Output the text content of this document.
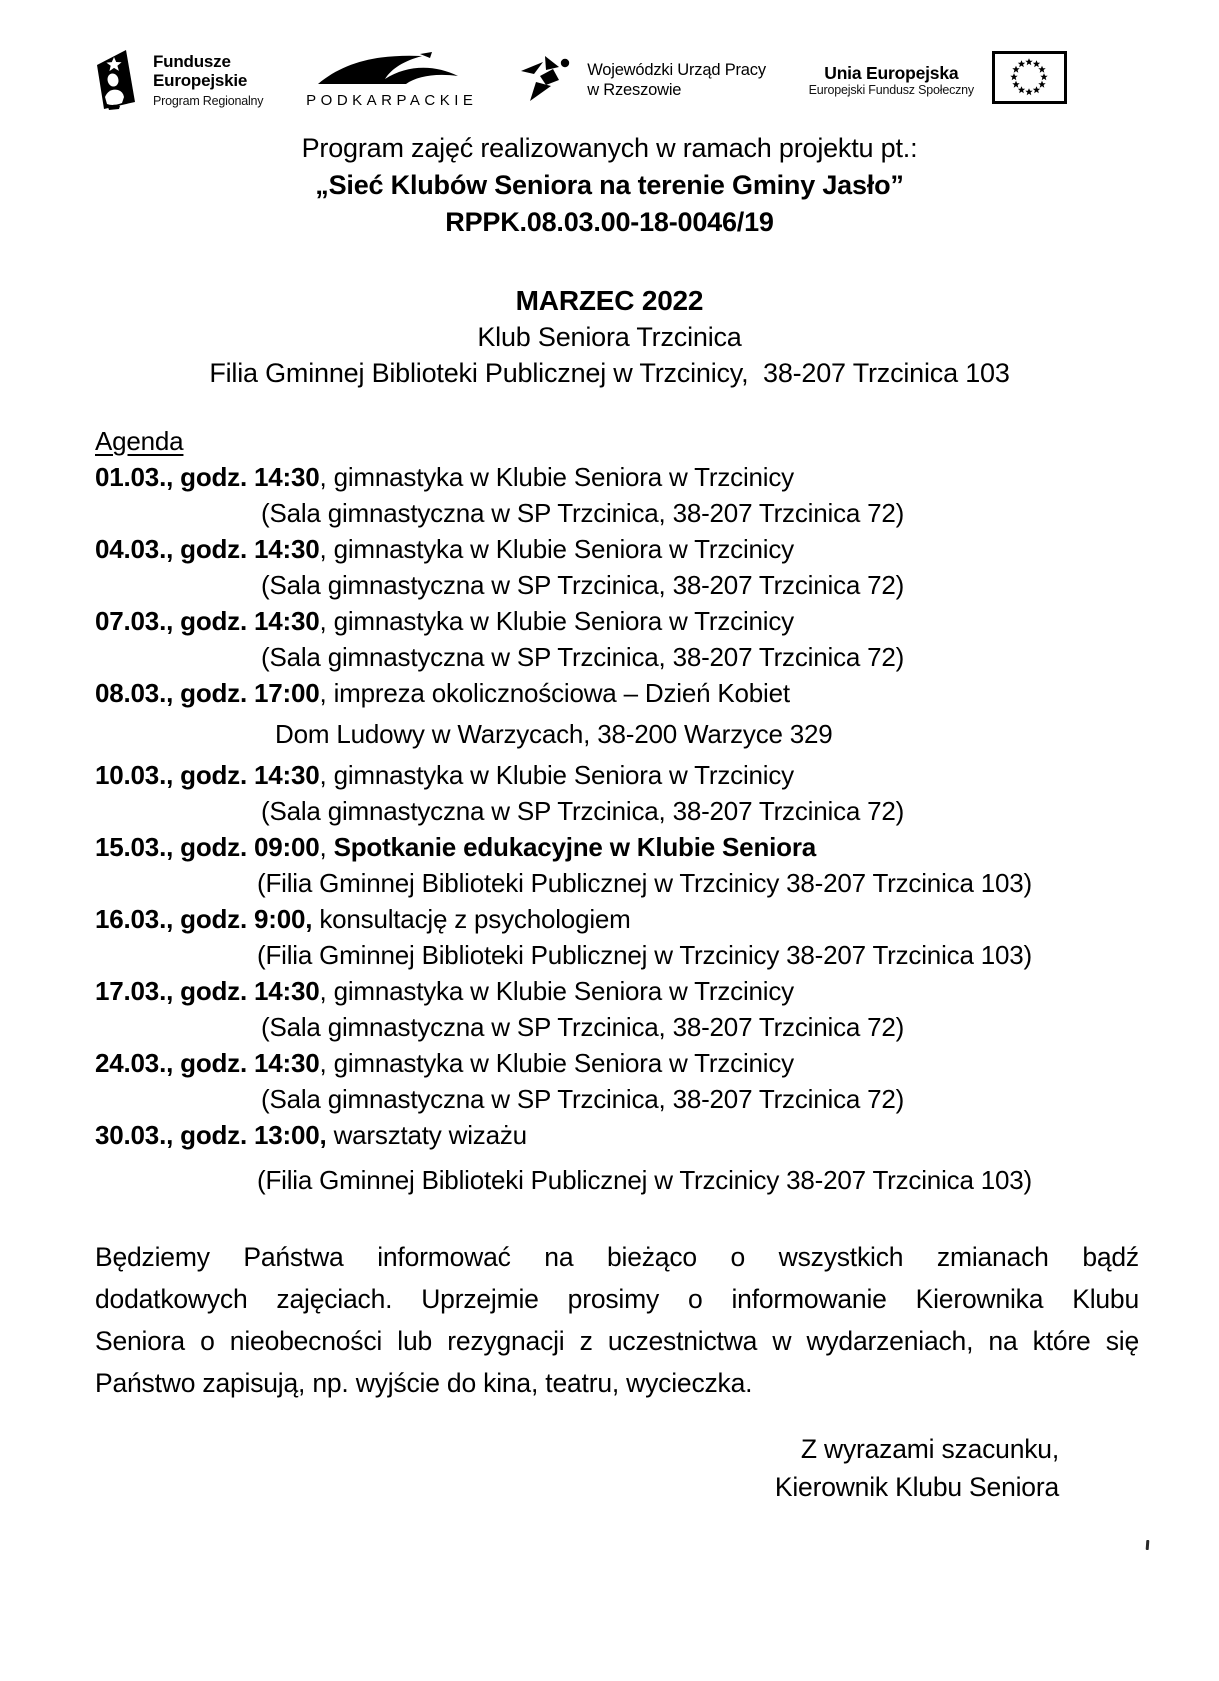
Fundusze
Europejskie
Program Regionalny	PODKARPACKIE
Wojewódzki Urząd Pracy
w Rzeszowie
Unia Europejska
Europejski Fundusz Społeczny
Program zajęć realizowanych w ramach projektu pt.:
„Sieć Klubów Seniora na terenie Gminy Jasło”
RPPK.08.03.00-18-0046/19
MARZEC 2022
Klub Seniora Trzcinica
Filia Gminnej Biblioteki Publicznej w Trzcinicy,  38-207 Trzcinica 103
Agenda
01.03., godz. 14:30, gimnastyka w Klubie Seniora w Trzcinicy
(Sala gimnastyczna w SP Trzcinica, 38-207 Trzcinica 72)
04.03., godz. 14:30, gimnastyka w Klubie Seniora w Trzcinicy
(Sala gimnastyczna w SP Trzcinica, 38-207 Trzcinica 72)
07.03., godz. 14:30, gimnastyka w Klubie Seniora w Trzcinicy
(Sala gimnastyczna w SP Trzcinica, 38-207 Trzcinica 72)
08.03., godz. 17:00, impreza okolicznościowa – Dzień Kobiet
Dom Ludowy w Warzycach, 38-200 Warzyce 329
10.03., godz. 14:30, gimnastyka w Klubie Seniora w Trzcinicy
(Sala gimnastyczna w SP Trzcinica, 38-207 Trzcinica 72)
15.03., godz. 09:00, Spotkanie edukacyjne w Klubie Seniora
(Filia Gminnej Biblioteki Publicznej w Trzcinicy 38-207 Trzcinica 103)
16.03., godz. 9:00, konsultację z psychologiem
(Filia Gminnej Biblioteki Publicznej w Trzcinicy 38-207 Trzcinica 103)
17.03., godz. 14:30, gimnastyka w Klubie Seniora w Trzcinicy
(Sala gimnastyczna w SP Trzcinica, 38-207 Trzcinica 72)
24.03., godz. 14:30, gimnastyka w Klubie Seniora w Trzcinicy
(Sala gimnastyczna w SP Trzcinica, 38-207 Trzcinica 72)
30.03., godz. 13:00, warsztaty wizażu
(Filia Gminnej Biblioteki Publicznej w Trzcinicy 38-207 Trzcinica 103)
Będziemy Państwa informować na bieżąco o wszystkich zmianach bądź
dodatkowych zajęciach. Uprzejmie prosimy o informowanie Kierownika Klubu
Seniora o nieobecności lub rezygnacji z uczestnictwa w wydarzeniach, na które się
Państwo zapisują, np. wyjście do kina, teatru, wycieczka.
Z wyrazami szacunku,
Kierownik Klubu Seniora
